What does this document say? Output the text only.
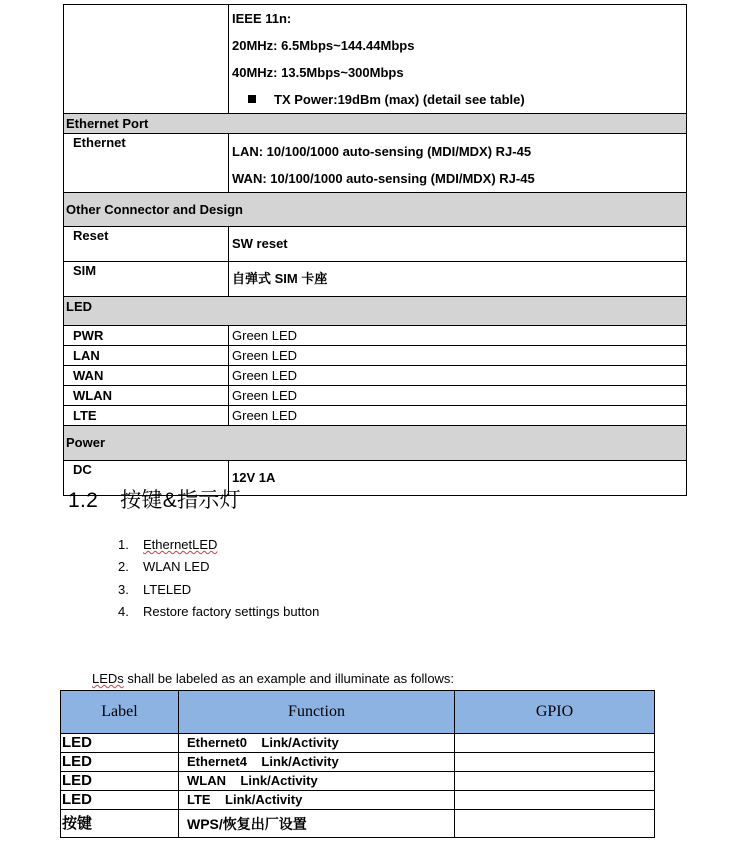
	IEEE 11n:
20MHz: 6.5Mbps~144.44Mbps
40MHz: 13.5Mbps~300Mbps
TX Power:19dBm (max) (detail see table)

Ethernet Port	
Ethernet	LAN: 10/100/1000 auto-sensing (MDI/MDX) RJ-45
WAN: 10/100/1000 auto-sensing (MDI/MDX) RJ-45

Other Connector and Design	
Reset	SW reset
SIM	自弹式 SIM 卡座
LED	
PWR	Green LED
LAN	Green LED
WAN	Green LED
WLAN	Green LED
LTE	Green LED
Power	
DC	12V 1A
1.2 按键&指示灯
1. EthernetLED
2. WLAN LED
3. LTELED
4. Restore factory settings button
LEDs shall be labeled as an example and illuminate as follows:
Label	Function	GPIO
LED	Ethernet0    Link/Activity	
LED	Ethernet4    Link/Activity	
LED	WLAN    Link/Activity	
LED	LTE    Link/Activity	
按键	WPS/恢复出厂设置	
